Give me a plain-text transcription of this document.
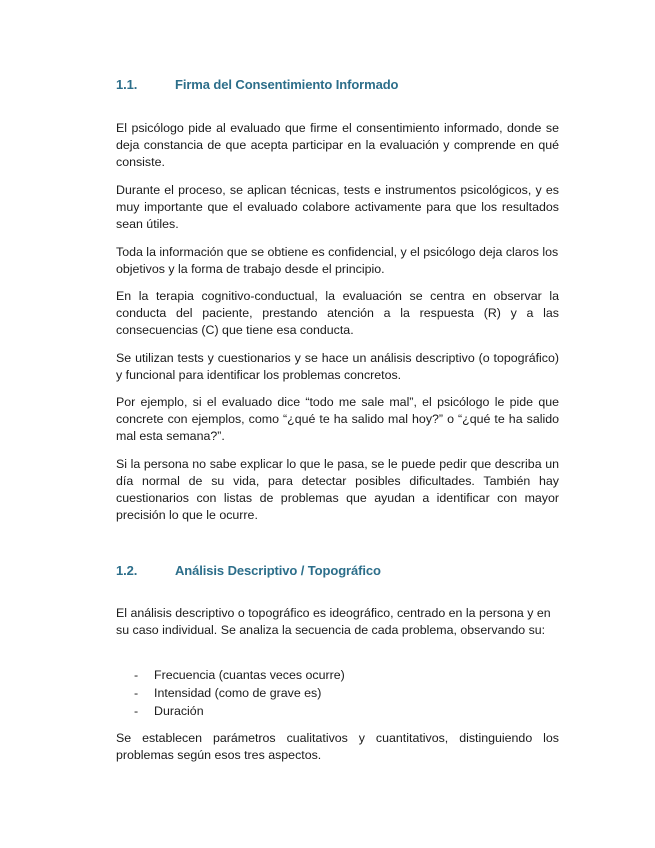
1.1.	Firma del Consentimiento Informado
El psicólogo pide al evaluado que firme el consentimiento informado, donde se deja constancia de que acepta participar en la evaluación y comprende en qué consiste.
Durante el proceso, se aplican técnicas, tests e instrumentos psicológicos, y es muy importante que el evaluado colabore activamente para que los resultados sean útiles.
Toda la información que se obtiene es confidencial, y el psicólogo deja claros los objetivos y la forma de trabajo desde el principio.
En la terapia cognitivo-conductual, la evaluación se centra en observar la conducta del paciente, prestando atención a la respuesta (R) y a las consecuencias (C) que tiene esa conducta.
Se utilizan tests y cuestionarios y se hace un análisis descriptivo (o topográfico) y funcional para identificar los problemas concretos.
Por ejemplo, si el evaluado dice “todo me sale mal”, el psicólogo le pide que concrete con ejemplos, como “¿qué te ha salido mal hoy?” o “¿qué te ha salido mal esta semana?”.
Si la persona no sabe explicar lo que le pasa, se le puede pedir que describa un día normal de su vida, para detectar posibles dificultades. También hay cuestionarios con listas de problemas que ayudan a identificar con mayor precisión lo que le ocurre.
1.2.	Análisis Descriptivo / Topográfico
El análisis descriptivo o topográfico es ideográfico, centrado en la persona y en su caso individual. Se analiza la secuencia de cada problema, observando su:
- Frecuencia (cuantas veces ocurre)
- Intensidad (como de grave es)
- Duración
Se establecen parámetros cualitativos y cuantitativos, distinguiendo los problemas según esos tres aspectos.
